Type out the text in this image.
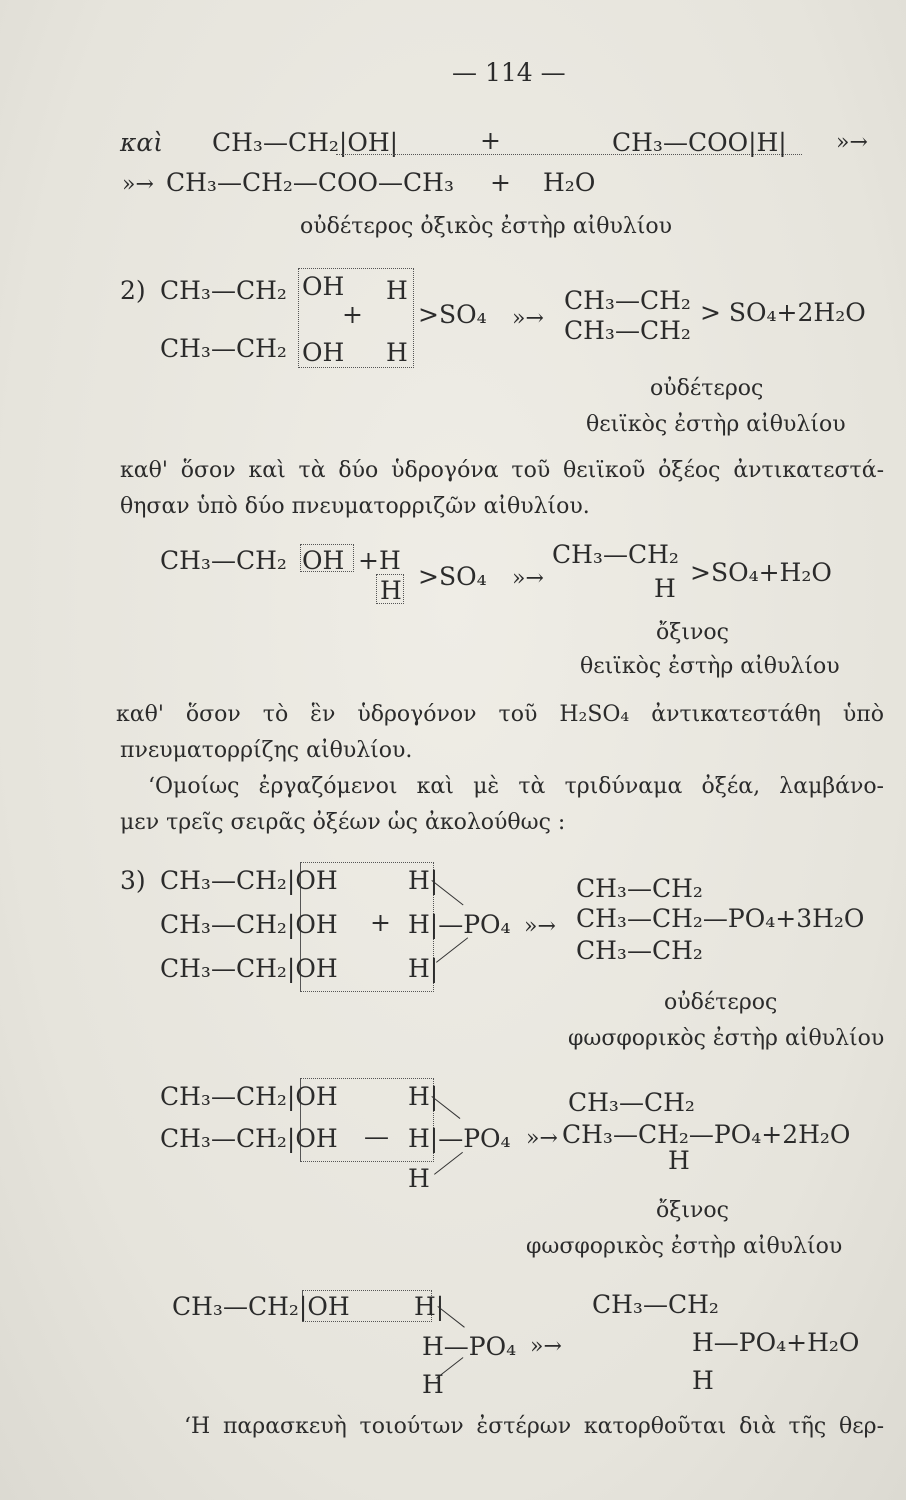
— 114 —
καὶ CH₃—CH₂|OH|	+	CH₃—COO|H| »→
»→ CH₃—CH₂—COO—CH₃ + H₂O
οὐδέτερος ὀξικὸς ἐστὴρ αἰθυλίου
2) CH₃—CH₂ OH H
+ >SO₄
CH₃—CH₂ OH H
»→
CH₃—CH₂
CH₃—CH₂
> SO₄+2H₂O
οὐδέτερος
θειϊκὸς ἐστὴρ αἰθυλίου
καθ' ὅσον καὶ τὰ δύο ὑδρογόνα τοῦ θειϊκοῦ ὀξέος ἀντικατεστά-
θησαν ὑπὸ δύο πνευματορριζῶν αἰθυλίου.
CH₃—CH₂ OH +H
H >SO₄ »→
CH₃—CH₂
H
>SO₄+H₂O
ὄξινος
θειϊκὸς ἐστὴρ αἰθυλίου
καθ' ὅσον τὸ ἓν ὑδρογόνον τοῦ H₂SO₄ ἀντικατεστάθη ὑπὸ
πνευματορρίζης αἰθυλίου.
‘Ομοίως ἐργαζόμενοι καὶ μὲ τὰ τριδύναμα ὀξέα, λαμβάνο-
μεν τρεῖς σειρᾶς ὀξέων ὡς ἀκολούθως :
3) CH₃—CH₂|OH	H|
CH₃—CH₂|OH + H|—PO₄
CH₃—CH₂|OH	H|
»→
CH₃—CH₂
CH₃—CH₂—PO₄+3H₂O
CH₃—CH₂
οὐδέτερος
φωσφορικὸς ἐστὴρ αἰθυλίου
CH₃—CH₂|OH	H|
CH₃—CH₂|OH — H|—PO₄
H
»→
CH₃—CH₂
CH₃—CH₂—PO₄+2H₂O
H
ὄξινος
φωσφορικὸς ἐστὴρ αἰθυλίου
CH₃—CH₂|OH	H|
H—PO₄
H
»→
CH₃—CH₂
H—PO₄+H₂O
H
‘Η παρασκευὴ τοιούτων ἐστέρων κατορθοῦται διὰ τῆς θερ-
